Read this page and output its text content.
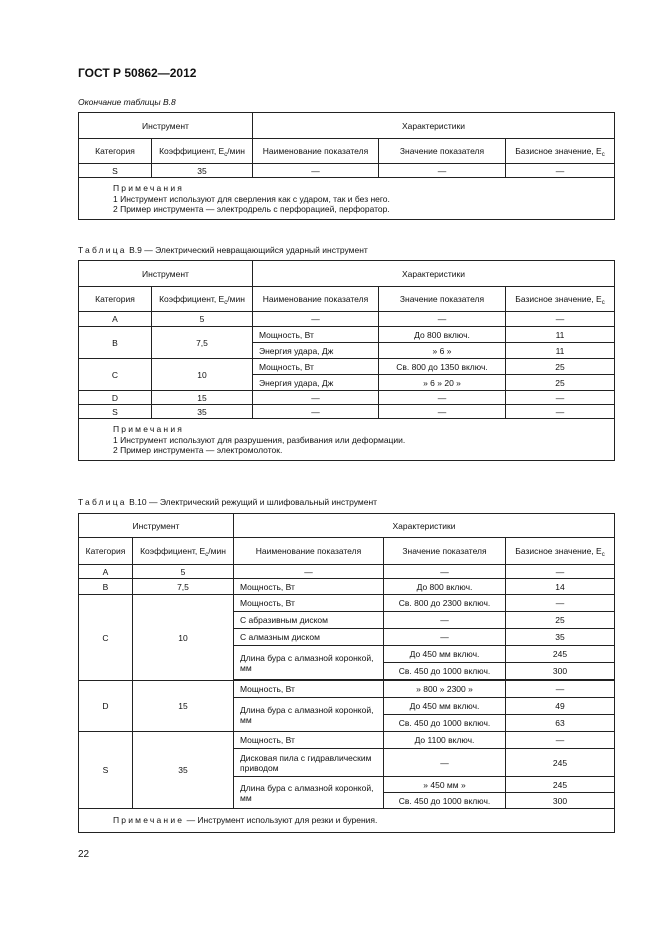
ГОСТ Р 50862—2012
Окончание таблицы В.8
Инструмент		Характеристики		
Категория	Коэффициент, $E_c$/мин	Наименование показателя	Значение показателя	Базисное значение, $E_c$
S	35	—	—	—

Примечания
1 Инструмент используют для сверления как с ударом, так и без него.
2 Пример инструмента — электродрель с перфорацией, перфоратор.				
Таблица В.9 — Электрический невращающийся ударный инструмент
Инструмент		Характеристики		
Категория	Коэффициент, $E_c$/мин	Наименование показателя	Значение показателя	Базисное значение, $E_c$
A	5	—	—	—
B	7,5	Мощность, Вт	До 800 включ.	11
		Энергия удара, Дж	» 6 »	11
C	10	Мощность, Вт	Св. 800 до 1350 включ.	25
		Энергия удара, Дж	» 6 » 20 »	25
D	15	—	—	—
S	35	—	—	—

Примечания
1 Инструмент используют для разрушения, разбивания или деформации.
2 Пример инструмента — электромолоток.				
Таблица В.10 — Электрический режущий и шлифовальный инструмент
Инструмент		Характеристики		
Категория	Коэффициент, $E_c$/мин	Наименование показателя	Значение показателя	Базисное значение, $E_c$
A	5	—	—	—
B	7,5	Мощность, Вт	До 800 включ.	14
C	10	Мощность, Вт	Св. 800 до 2300 включ.	—
		С абразивным диском	—	25
		С алмазным диском	—	35
		Длина бура с алмазной коронкой, мм	До 450 мм включ.	245
			Св. 450 до 1000 включ.	300

D	15	Мощность, Вт	» 800 » 2300 »	—
		Длина бура с алмазной коронкой, мм	До 450 мм включ.	49
			Св. 450 до 1000 включ.	63
S	35	Мощность, Вт	До 1100 включ.	—
		Дисковая пила с гидравлическим приводом	—	245
		Длина бура с алмазной коронкой, мм	» 450 мм »	245
			Св. 450 до 1000 включ.	300
Примечание — Инструмент используют для резки и бурения.				
22
